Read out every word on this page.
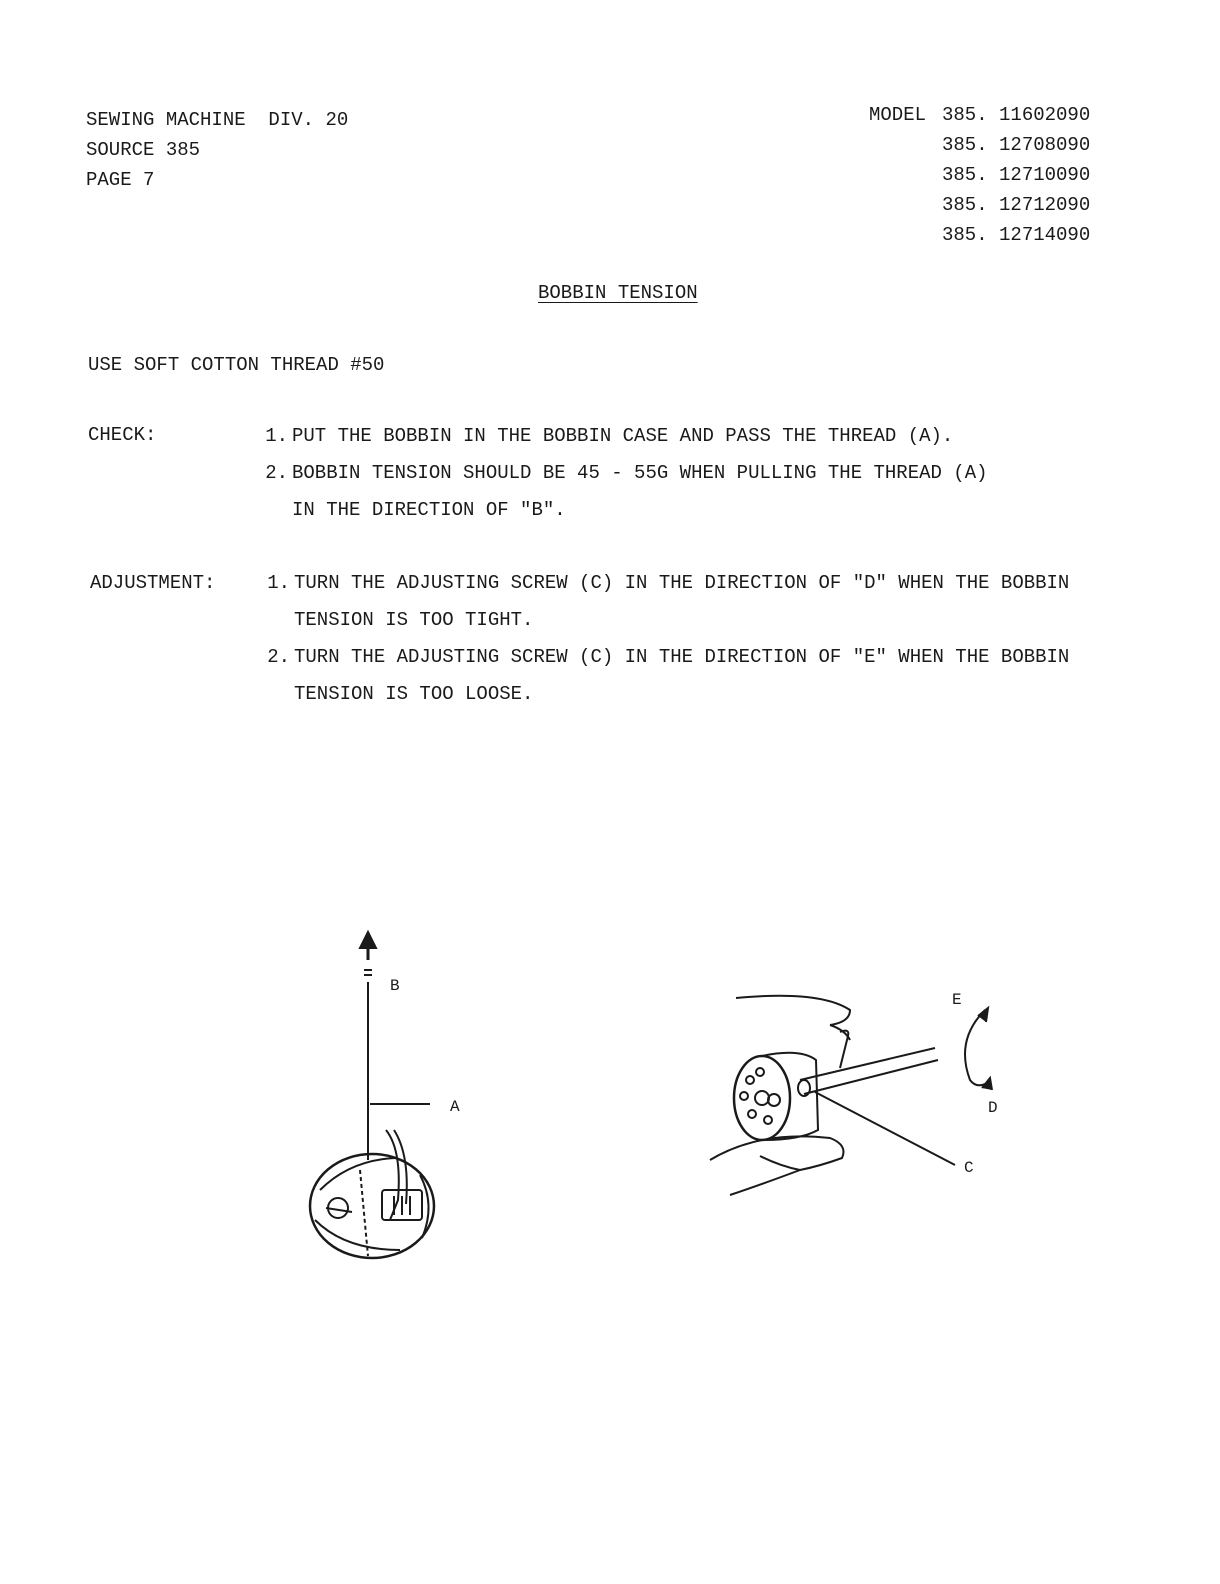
SEWING MACHINE  DIV. 20
SOURCE 385
PAGE 7
MODEL 385. 11602090
385. 12708090
385. 12710090
385. 12712090
385. 12714090
BOBBIN TENSION
USE SOFT COTTON THREAD #50
CHECK:	1. PUT THE BOBBIN IN THE BOBBIN CASE AND PASS THE THREAD (A).
2. BOBBIN TENSION SHOULD BE 45 - 55G WHEN PULLING THE THREAD (A)
IN THE DIRECTION OF "B".
ADJUSTMENT:	1. TURN THE ADJUSTING SCREW (C) IN THE DIRECTION OF "D" WHEN THE BOBBIN
TENSION IS TOO TIGHT.
2. TURN THE ADJUSTING SCREW (C) IN THE DIRECTION OF "E" WHEN THE BOBBIN
TENSION IS TOO LOOSE.
B
A
E
D
C
